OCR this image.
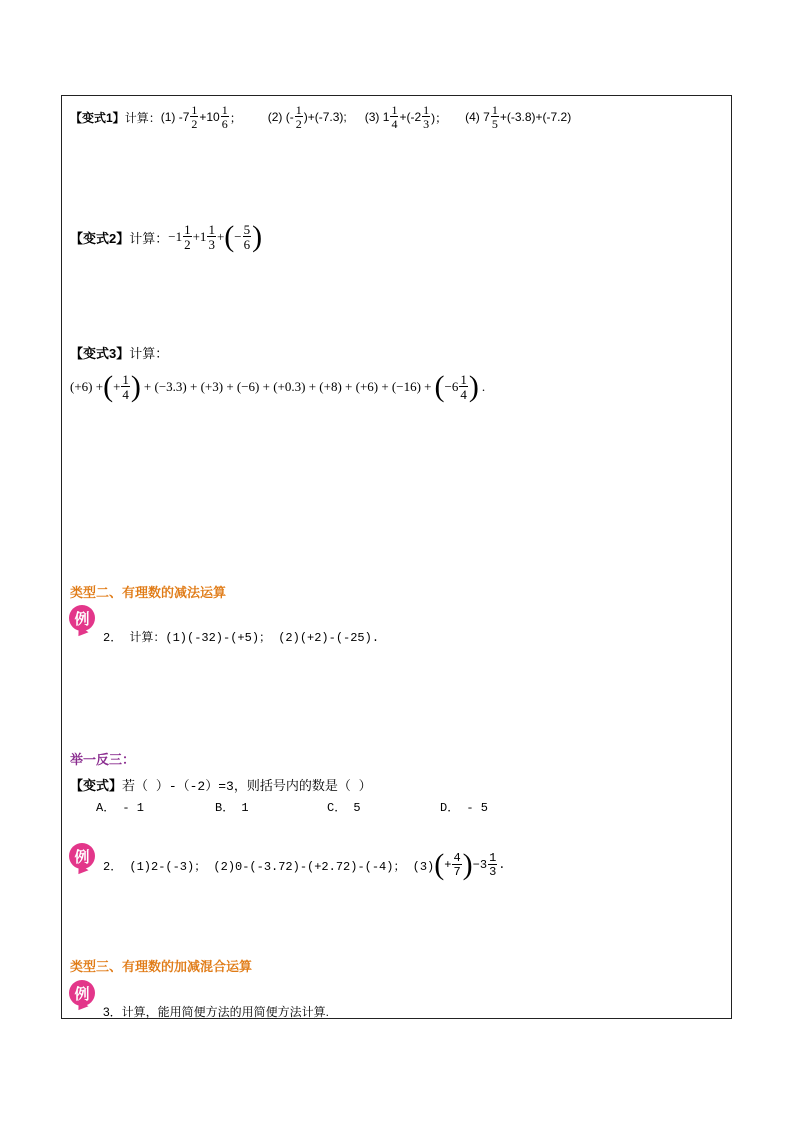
【变式1】 计算： (1) $-7 \frac{1}{2} +10 \frac{1}{6}$ ； (2) (- $\frac{1}{2} )+(-7.3)$; (3) $1 \frac{1}{4} +(-2 \frac{1}{3}$ )； (4) $7 \frac{1}{5} +(-3.8)+(-7.2)$
【变式2】 计算： $-1 \frac{1}{2} +1 \frac{1}{3}$ + ( − $\frac{5}{6}$ )
【变式3】计算：
(+6) + ( + $\frac{1}{4}$ ) + (−3.3) + (+3) + (−6) + (+0.3) + (+8) + (+6) + (−16) + ( $-6 \frac{1}{4}$ ) .
类型二、有理数的减法运算
例
2． 计算：(1)(-32)-(+5)； (2)(+2)-(-25).
举一反三：
【变式】若（ ）-（-2）=3，则括号内的数是（ ）
A． - 1	B． 1	C． 5	D． - 5
例
2． (1)2-(-3)； (2)0-(-3.72)-(+2.72)-(-4)； (3) ( + $\frac{4}{7}$ ) $-3 \frac{1}{3}$ .
类型三、有理数的加减混合运算
例
3．计算，能用简便方法的用简便方法计算.
